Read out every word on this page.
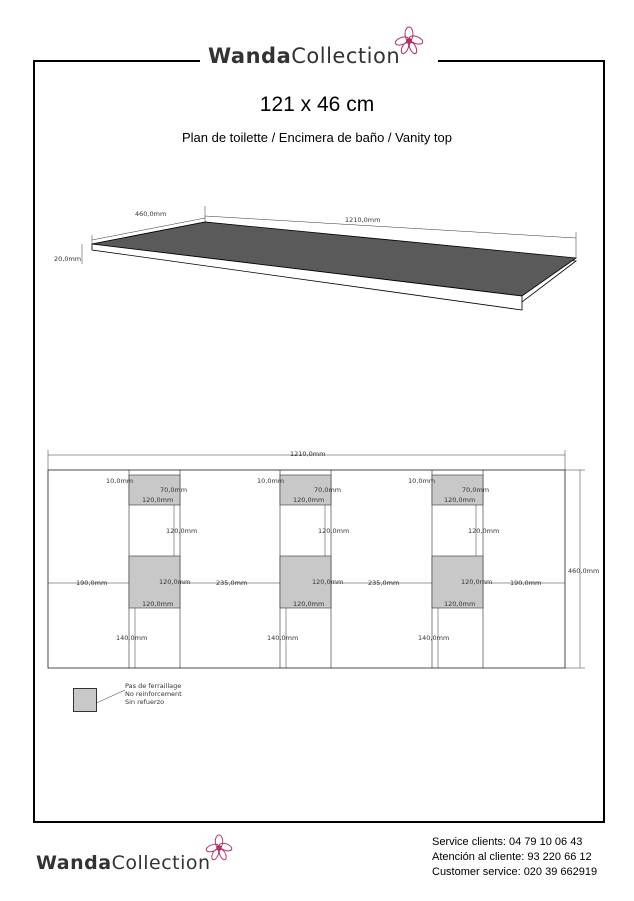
Wanda Collection
121 x 46 cm
Plan de toilette / Encimera de baño / Vanity top
460,0mm
1210,0mm
20,0mm
1210,0mm
460,0mm
190,0mm	190,0mm
235,0mm	235,0mm
10,0mm
70,0mm
120,0mm
120,0mm
120,0mm
120,0mm
140,0mm
10,0mm
70,0mm
120,0mm
120,0mm
120,0mm
120,0mm
140,0mm
10,0mm
70,0mm
120,0mm
120,0mm
120,0mm
120,0mm
140,0mm
Pas de ferraillage
No reinforcement
Sin refuerzo
Wanda Collection
Service clients: 04 79 10 06 43
Atención al cliente: 93 220 66 12
Customer service: 020 39 662919
